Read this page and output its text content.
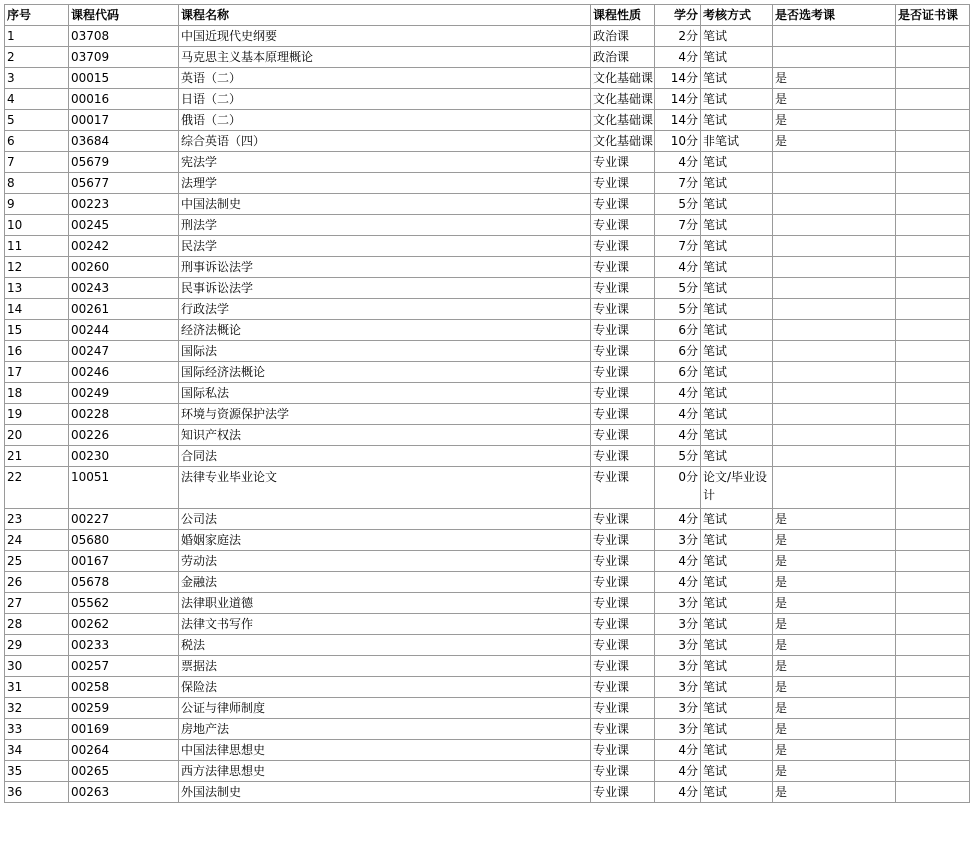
序号	课程代码	课程名称	课程性质	学分	考核方式	是否选考课	是否证书课
1	03708	中国近现代史纲要	政治课	2分	笔试		
2	03709	马克思主义基本原理概论	政治课	4分	笔试		
3	00015	英语（二）	文化基础课	14分	笔试	是	
4	00016	日语（二）	文化基础课	14分	笔试	是	
5	00017	俄语（二）	文化基础课	14分	笔试	是	
6	03684	综合英语（四）	文化基础课	10分	非笔试	是	
7	05679	宪法学	专业课	4分	笔试		
8	05677	法理学	专业课	7分	笔试		
9	00223	中国法制史	专业课	5分	笔试		
10	00245	刑法学	专业课	7分	笔试		
11	00242	民法学	专业课	7分	笔试		
12	00260	刑事诉讼法学	专业课	4分	笔试		
13	00243	民事诉讼法学	专业课	5分	笔试		
14	00261	行政法学	专业课	5分	笔试		
15	00244	经济法概论	专业课	6分	笔试		
16	00247	国际法	专业课	6分	笔试		
17	00246	国际经济法概论	专业课	6分	笔试		
18	00249	国际私法	专业课	4分	笔试		
19	00228	环境与资源保护法学	专业课	4分	笔试		
20	00226	知识产权法	专业课	4分	笔试		
21	00230	合同法	专业课	5分	笔试		
22	10051	法律专业毕业论文	专业课	0分	论文/毕业设计		
23	00227	公司法	专业课	4分	笔试	是	
24	05680	婚姻家庭法	专业课	3分	笔试	是	
25	00167	劳动法	专业课	4分	笔试	是	
26	05678	金融法	专业课	4分	笔试	是	
27	05562	法律职业道德	专业课	3分	笔试	是	
28	00262	法律文书写作	专业课	3分	笔试	是	
29	00233	税法	专业课	3分	笔试	是	
30	00257	票据法	专业课	3分	笔试	是	
31	00258	保险法	专业课	3分	笔试	是	
32	00259	公证与律师制度	专业课	3分	笔试	是	
33	00169	房地产法	专业课	3分	笔试	是	
34	00264	中国法律思想史	专业课	4分	笔试	是	
35	00265	西方法律思想史	专业课	4分	笔试	是	
36	00263	外国法制史	专业课	4分	笔试	是	
